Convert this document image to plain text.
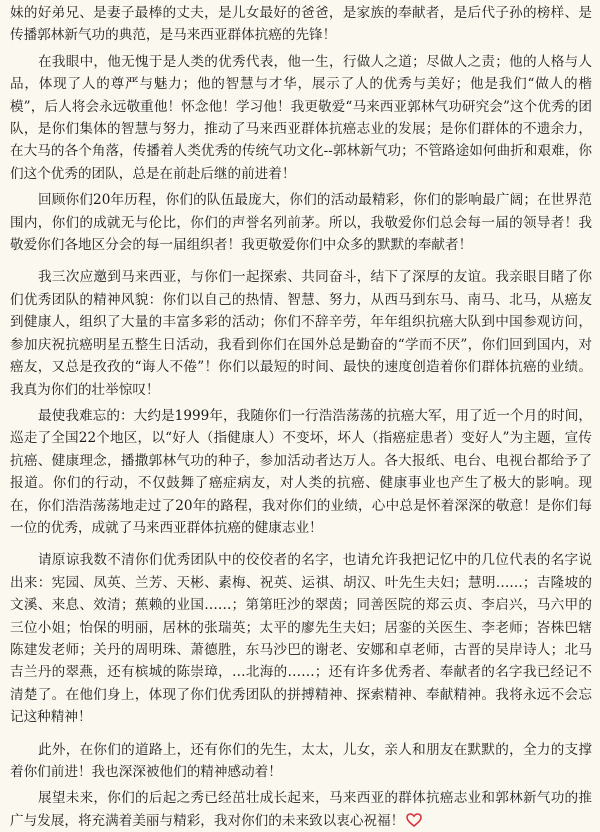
妹的好弟兄、是妻子最棒的丈夫，是儿女最好的爸爸，是家族的奉献者，是后代子孙的榜样、是传播郭林新气功的典范，是马来西亚群体抗癌的先锋！

在我眼中，他无愧于是人类的优秀代表，他一生，行做人之道；尽做人之责；他的人格与人品，体现了人的尊严与魅力；他的智慧与才华，展示了人的优秀与美好；他是我们“做人的楷模”，后人将会永远敬重他！怀念他！学习他！我更敬爱“马来西亚郭林气功研究会”这个优秀的团队，是你们集体的智慧与努力，推动了马来西亚群体抗癌志业的发展；是你们群体的不遗余力，在大马的各个角落，传播着人类优秀的传统气功文化--郭林新气功；不管路途如何曲折和艰难，你们这个优秀的团队，总是在前赴后继的前进着！

回顾你们20年历程，你们的队伍最庞大，你们的活动最精彩，你们的影响最广阔；在世界范围内，你们的成就无与伦比，你们的声誉名列前茅。所以，我敬爱你们总会每一届的领导者！我敬爱你们各地区分会的每一届组织者！我更敬爱你们中众多的默默的奉献者！

我三次应邀到马来西亚，与你们一起探索、共同奋斗，结下了深厚的友谊。我亲眼目睹了你们优秀团队的精神风貌：你们以自己的热情、智慧、努力，从西马到东马、南马、北马，从癌友到健康人，组织了大量的丰富多彩的活动；你们不辞辛劳，年年组织抗癌大队到中国参观访问，参加庆祝抗癌明星五整生日活动，我看到你们在国外总是勤奋的“学而不厌”，你们回到国内，对癌友，又总是孜孜的“诲人不倦”！你们以最短的时间、最快的速度创造着你们群体抗癌的业绩。我真为你们的壮举惊叹！

最使我难忘的：大约是1999年，我随你们一行浩浩荡荡的抗癌大军，用了近一个月的时间，巡走了全国22个地区，以“好人（指健康人）不变坏，坏人（指癌症患者）变好人”为主题，宣传抗癌、健康理念，播撒郭林气功的种子，参加活动者达万人。各大报纸、电台、电视台都给予了报道。你们的行动，不仅鼓舞了癌症病友，对人类的抗癌、健康事业也产生了极大的影响。现在，你们浩浩荡荡地走过了20年的路程，我对你们的业绩，心中总是怀着深深的敬意！是你们每一位的优秀，成就了马来西亚群体抗癌的健康志业！

请原谅我数不清你们优秀团队中的佼佼者的名字，也请允许我把记忆中的几位代表的名字说出来：宪园、凤英、兰芳、天彬、素梅、祝英、运祺、胡汉、叶先生夫妇；慧明……；吉隆坡的文溪、来息、效清；蕉赖的业国……；第第旺沙的翠茵；同善医院的郑云贞、李启兴，马六甲的三位小姐；怡保的明丽，居林的张瑞英；太平的廖先生夫妇；居銮的关医生、李老师；峇株巴辖陈建发老师；关丹的周明珠、萧德胜，东马沙巴的谢老、安娜和卓老师，古晋的吴岸诗人；北马吉兰丹的翠燕，还有槟城的陈崇璋，…北海的……；还有许多优秀者、奉献者的名字我已经记不清楚了。在他们身上，体现了你们优秀团队的拼搏精神、探索精神、奉献精神。我将永远不会忘记这种精神！

此外，在你们的道路上，还有你们的先生，太太，儿女，亲人和朋友在默默的，全力的支撑着你们前进！我也深深被他们的精神感动着！

展望未来，你们的后起之秀已经茁壮成长起来，马来西亚的群体抗癌志业和郭林新气功的推广与发展，将充满着美丽与精彩，我对你们的未来致以衷心祝福！
